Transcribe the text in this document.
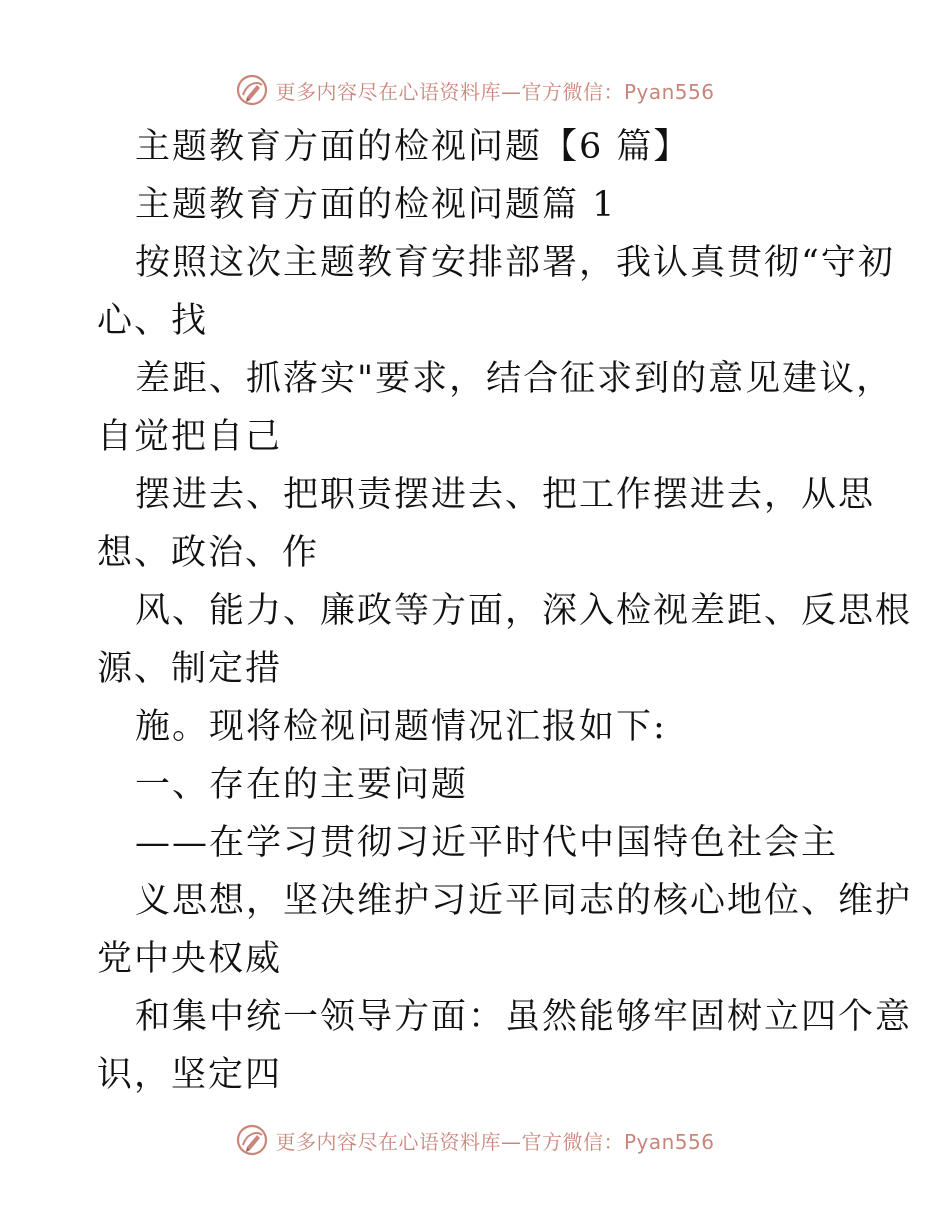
更多内容尽在心语资料库—官方微信：Pyan556
主题教育方面的检视问题【6 篇】
主题教育方面的检视问题篇 1
按照这次主题教育安排部署，我认真贯彻“守初
心、找
差距、抓落实"要求，结合征求到的意见建议，
自觉把自己
摆进去、把职责摆进去、把工作摆进去，从思
想、政治、作
风、能力、廉政等方面，深入检视差距、反思根
源、制定措
施。现将检视问题情况汇报如下:
一、存在的主要问题
——在学习贯彻习近平时代中国特色社会主
义思想，坚决维护习近平同志的核心地位、维护
党中央权威
和集中统一领导方面：虽然能够牢固树立四个意
识，坚定四
更多内容尽在心语资料库—官方微信：Pyan556
